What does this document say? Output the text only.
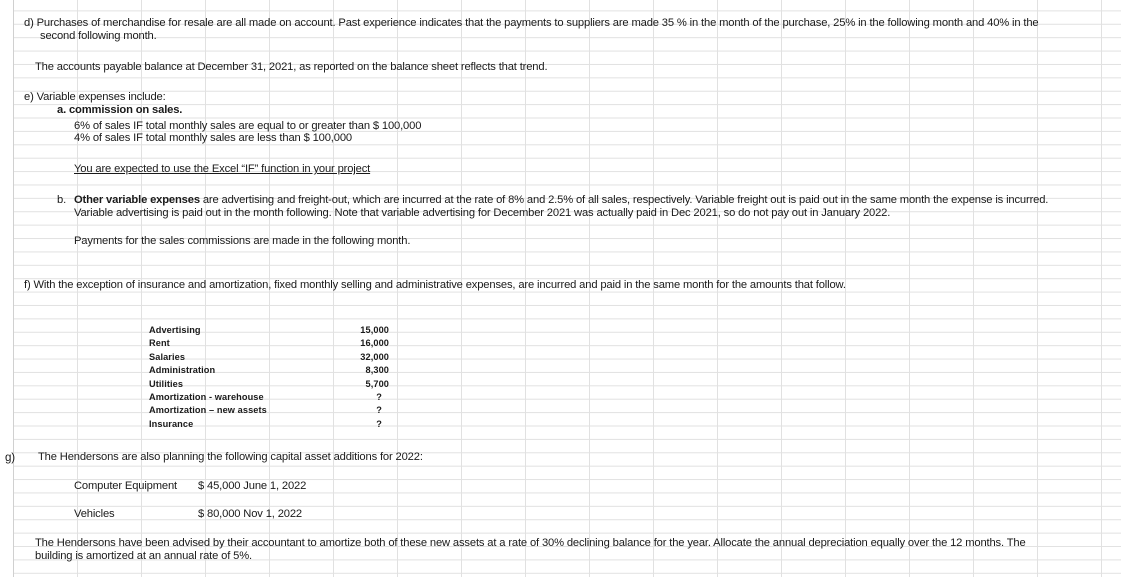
d) Purchases of merchandise for resale are all made on account. Past experience indicates that the payments to suppliers are made 35 % in the month of the purchase, 25% in the following month and 40% in the
second following month.
The accounts payable balance at December 31, 2021, as reported on the balance sheet reflects that trend.
e) Variable expenses include:
a. commission on sales.
6% of sales IF total monthly sales are equal to or greater than $ 100,000
4% of sales IF total monthly sales are less than $ 100,000
You are expected to use the Excel “IF” function in your project
b. Other variable expenses are advertising and freight-out, which are incurred at the rate of 8% and 2.5% of all sales, respectively. Variable freight out is paid out in the same month the expense is incurred.
Variable advertising is paid out in the month following. Note that variable advertising for December 2021 was actually paid in Dec 2021, so do not pay out in January 2022.
Payments for the sales commissions are made in the following month.
f) With the exception of insurance and amortization, fixed monthly selling and administrative expenses, are incurred and paid in the same month for the amounts that follow.
Advertising	15,000
Rent	16,000
Salaries	32,000
Administration	8,300
Utilities	5,700
Amortization - warehouse	?
Amortization – new assets	?
Insurance	?
g) The Hendersons are also planning the following capital asset additions for 2022:
Computer Equipment $ 45,000 June 1, 2022
Vehicles	$ 80,000 Nov 1, 2022
The Hendersons have been advised by their accountant to amortize both of these new assets at a rate of 30% declining balance for the year. Allocate the annual depreciation equally over the 12 months. The
building is amortized at an annual rate of 5%.
